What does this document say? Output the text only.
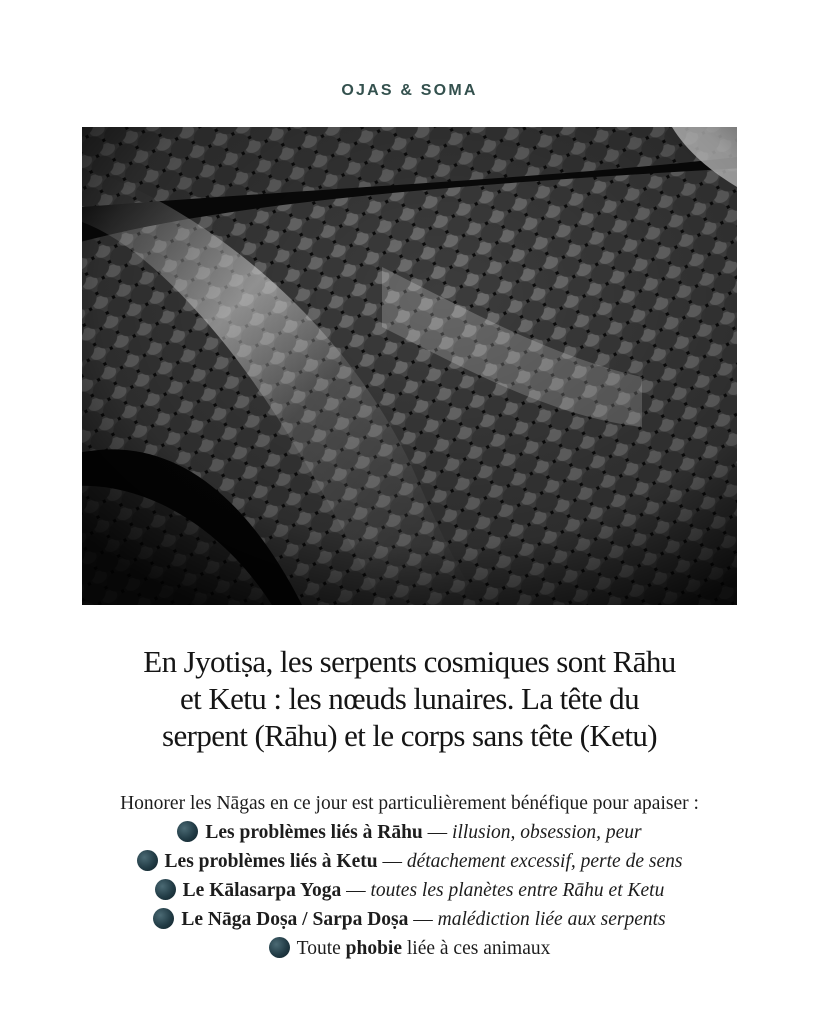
OJAS & SOMA
En Jyotiṣa, les serpents cosmiques sont Rāhu
et Ketu : les nœuds lunaires. La tête du
serpent (Rāhu) et le corps sans tête (Ketu)
Honorer les Nāgas en ce jour est particulièrement bénéfique pour apaiser :
Les problèmes liés à Rāhu — illusion, obsession, peur
Les problèmes liés à Ketu — détachement excessif, perte de sens
Le Kālasarpa Yoga — toutes les planètes entre Rāhu et Ketu
Le Nāga Doṣa / Sarpa Doṣa — malédiction liée aux serpents
Toute phobie liée à ces animaux
